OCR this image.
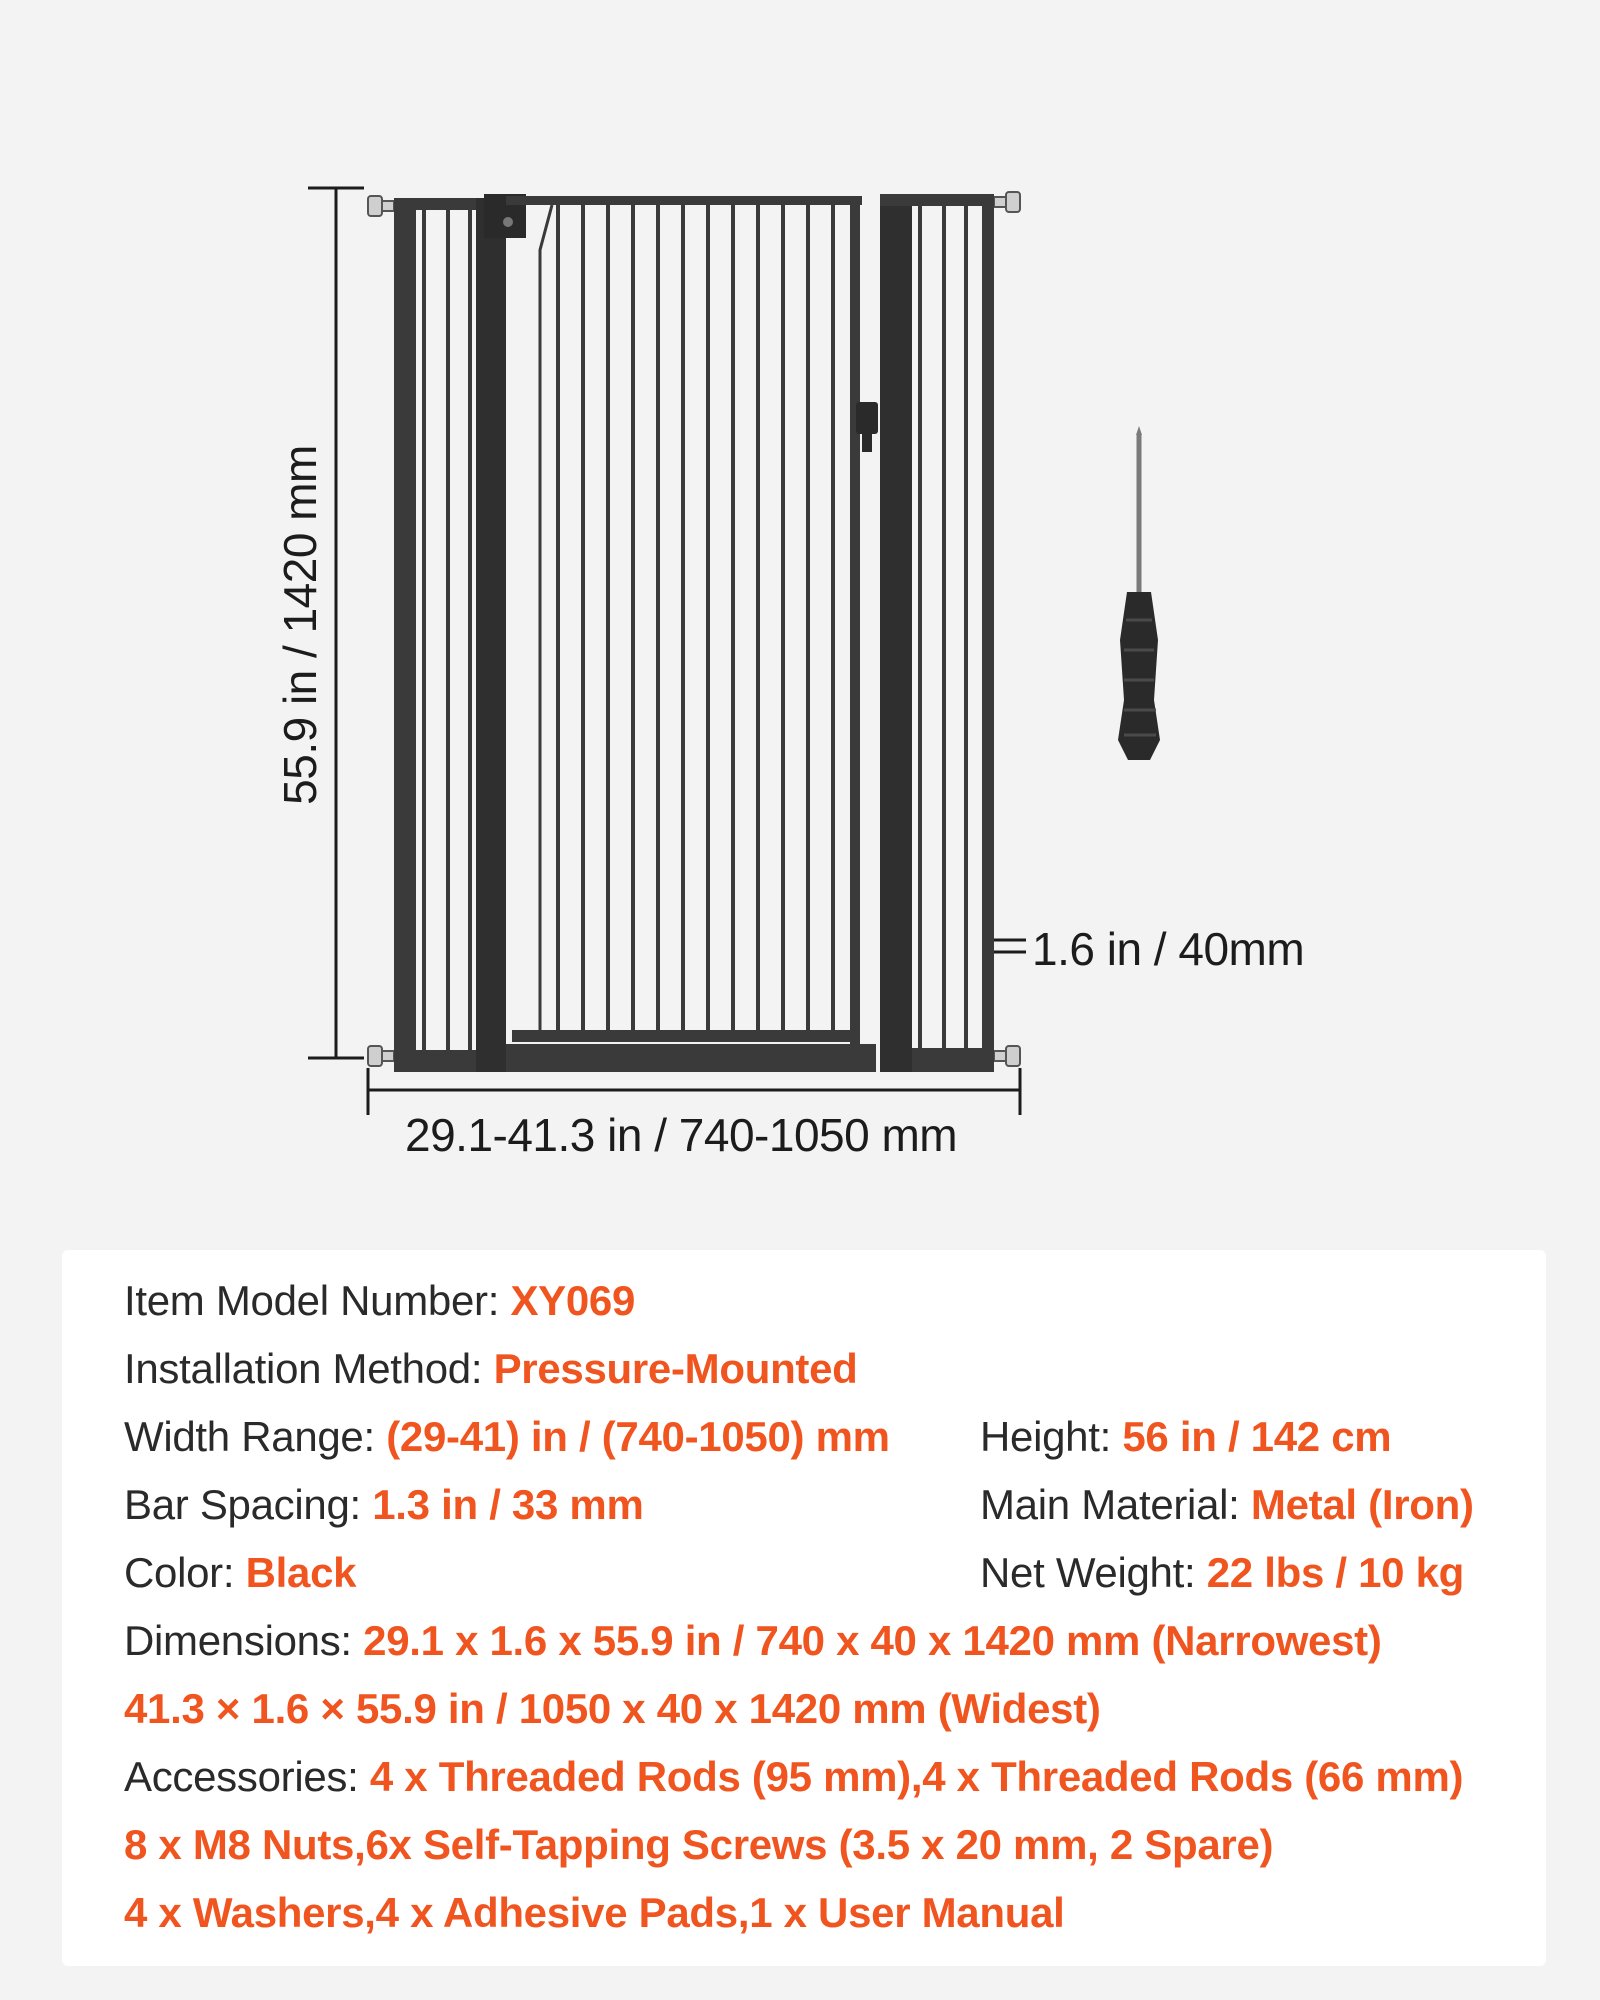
55.9 in / 1420 mm
29.1-41.3 in / 740-1050 mm
1.6 in / 40mm
Item Model Number: XY069
Installation Method: Pressure-Mounted
Width Range: (29-41) in / (740-1050) mm Height: 56 in / 142 cm
Bar Spacing: 1.3 in / 33 mm	Main Material: Metal (Iron)
Color: Black	Net Weight: 22 lbs / 10 kg
Dimensions: 29.1 x 1.6 x 55.9 in / 740 x 40 x 1420 mm (Narrowest)
41.3 × 1.6 × 55.9 in / 1050 x 40 x 1420 mm (Widest)
Accessories: 4 x Threaded Rods (95 mm),4 x Threaded Rods (66 mm)
8 x M8 Nuts,6x Self-Tapping Screws (3.5 x 20 mm, 2 Spare)
4 x Washers,4 x Adhesive Pads,1 x User Manual
